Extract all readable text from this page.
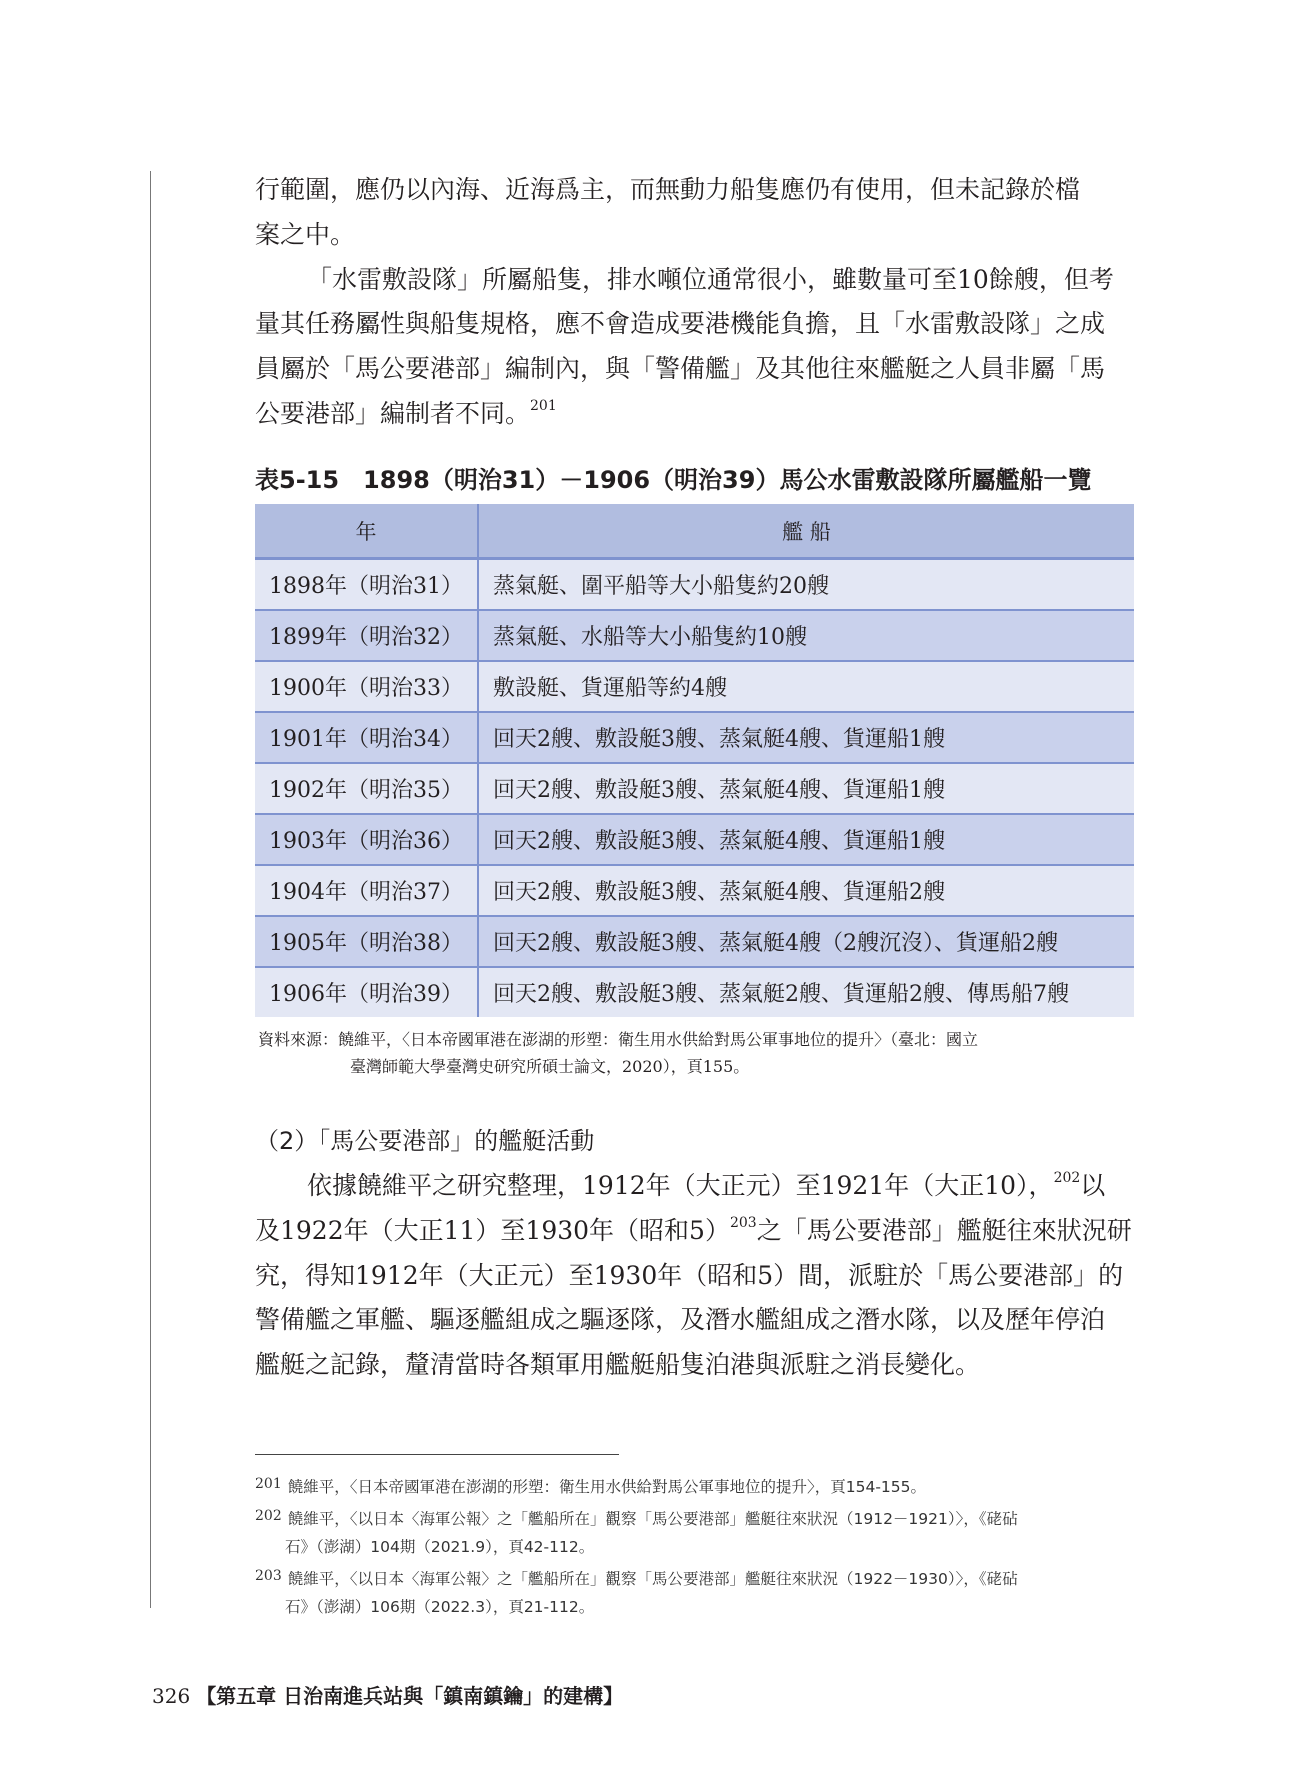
行範圍，應仍以內海、近海爲主，而無動力船隻應仍有使用，但未記錄於檔
案之中。
「水雷敷設隊」所屬船隻，排水噸位通常很小，雖數量可至10餘艘，但考
量其任務屬性與船隻規格，應不會造成要港機能負擔，且「水雷敷設隊」之成
員屬於「馬公要港部」編制內，與「警備艦」及其他往來艦艇之人員非屬「馬
公要港部」編制者不同。$^{201}$
表5-15　1898（明治31）－1906（明治39）馬公水雷敷設隊所屬艦船一覽
年	艦 船
1898年（明治31）	蒸氣艇、圍平船等大小船隻約20艘
1899年（明治32）	蒸氣艇、水船等大小船隻約10艘
1900年（明治33）	敷設艇、貨運船等約4艘
1901年（明治34）	回天2艘、敷設艇3艘、蒸氣艇4艘、貨運船1艘
1902年（明治35）	回天2艘、敷設艇3艘、蒸氣艇4艘、貨運船1艘
1903年（明治36）	回天2艘、敷設艇3艘、蒸氣艇4艘、貨運船1艘
1904年（明治37）	回天2艘、敷設艇3艘、蒸氣艇4艘、貨運船2艘
1905年（明治38）	回天2艘、敷設艇3艘、蒸氣艇4艘（2艘沉沒）、貨運船2艘
1906年（明治39）	回天2艘、敷設艇3艘、蒸氣艇2艘、貨運船2艘、傳馬船7艘
資料來源：饒維平，〈日本帝國軍港在澎湖的形塑：衛生用水供給對馬公軍事地位的提升〉（臺北：國立
臺灣師範大學臺灣史研究所碩士論文，2020），頁155。
（2）「馬公要港部」的艦艇活動
依據饒維平之研究整理，1912年（大正元）至1921年（大正10），$^{202}$以
及1922年（大正11）至1930年（昭和5）$^{203}$之「馬公要港部」艦艇往來狀況研
究，得知1912年（大正元）至1930年（昭和5）間，派駐於「馬公要港部」的
警備艦之軍艦、驅逐艦組成之驅逐隊，及潛水艦組成之潛水隊，以及歷年停泊
艦艇之記錄，釐清當時各類軍用艦艇船隻泊港與派駐之消長變化。
201 饒維平，〈日本帝國軍港在澎湖的形塑：衛生用水供給對馬公軍事地位的提升〉，頁154-155。
202 饒維平，〈以日本〈海軍公報〉之「艦船所在」觀察「馬公要港部」艦艇往來狀況（1912－1921）〉，《硓砧
石》（澎湖）104期（2021.9），頁42-112。
203 饒維平，〈以日本〈海軍公報〉之「艦船所在」觀察「馬公要港部」艦艇往來狀況（1922－1930）〉，《硓砧
石》（澎湖）106期（2022.3），頁21-112。
326 【第五章 日治南進兵站與「鎮南鎮鑰」的建構】
